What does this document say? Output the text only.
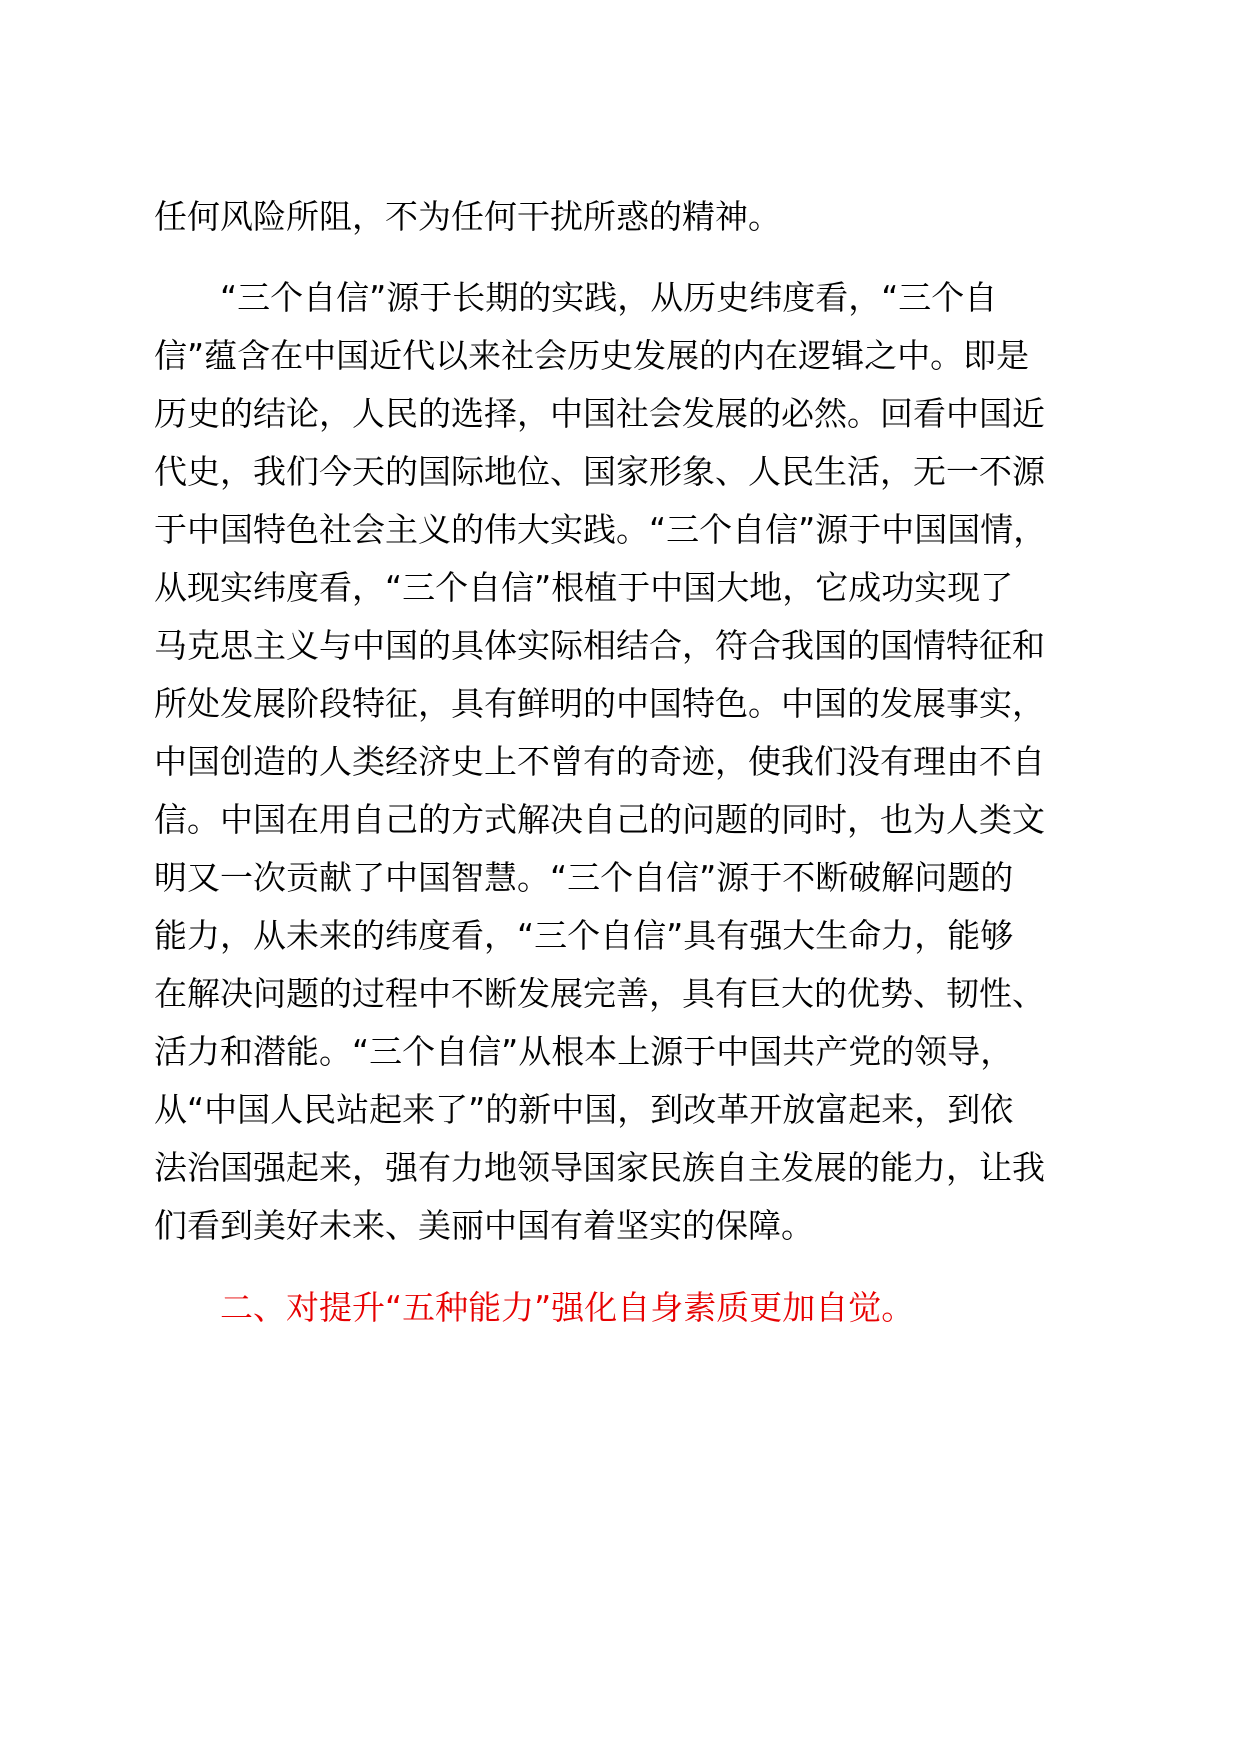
任何风险所阻，不为任何干扰所惑的精神。

“三个自信”源于长期的实践，从历史纬度看，“三个自

信”蕴含在中国近代以来社会历史发展的内在逻辑之中。即是

历史的结论，人民的选择，中国社会发展的必然。回看中国近

代史，我们今天的国际地位、国家形象、人民生活，无一不源

于中国特色社会主义的伟大实践。“三个自信”源于中国国情，

从现实纬度看，“三个自信”根植于中国大地，它成功实现了

马克思主义与中国的具体实际相结合，符合我国的国情特征和

所处发展阶段特征，具有鲜明的中国特色。中国的发展事实，

中国创造的人类经济史上不曾有的奇迹，使我们没有理由不自

信。中国在用自己的方式解决自己的问题的同时，也为人类文

明又一次贡献了中国智慧。“三个自信”源于不断破解问题的

能力，从未来的纬度看，“三个自信”具有强大生命力，能够

在解决问题的过程中不断发展完善，具有巨大的优势、韧性、

活力和潜能。“三个自信”从根本上源于中国共产党的领导，

从“中国人民站起来了”的新中国，到改革开放富起来，到依

法治国强起来，强有力地领导国家民族自主发展的能力，让我

们看到美好未来、美丽中国有着坚实的保障。

二、对提升“五种能力”强化自身素质更加自觉。
